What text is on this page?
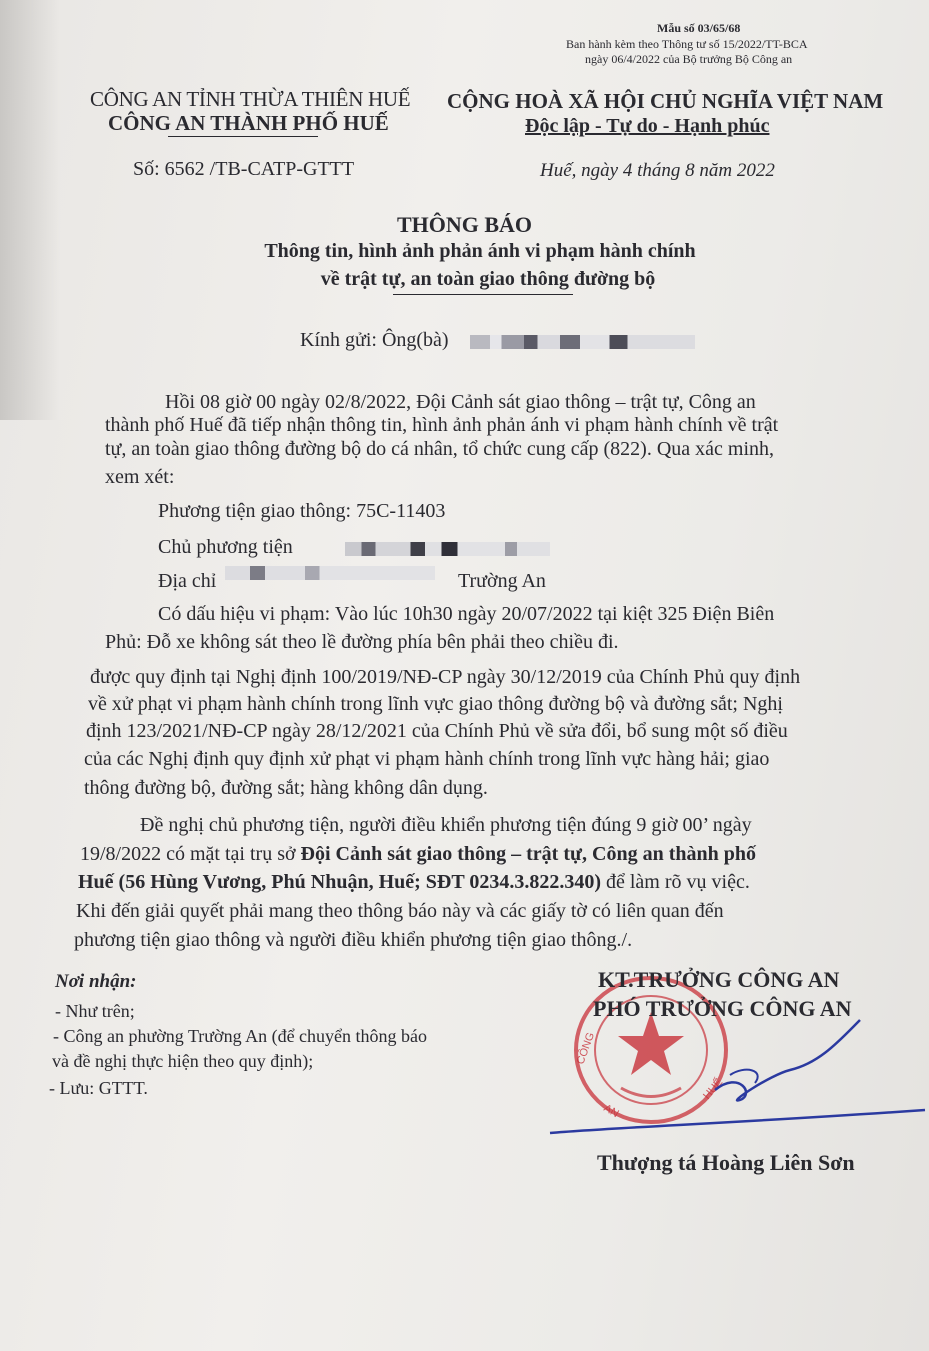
Mẫu số 03/65/68
Ban hành kèm theo Thông tư số 15/2022/TT-BCA
ngày 06/4/2022 của Bộ trưởng Bộ Công an
CÔNG AN TỈNH THỪA THIÊN HUẾ
CÔNG AN THÀNH PHỐ HUẾ
CỘNG HOÀ XÃ HỘI CHỦ NGHĨA VIỆT NAM
Độc lập - Tự do - Hạnh phúc
Số: 6562 /TB-CATP-GTTT	Huế, ngày 4 tháng 8 năm 2022
THÔNG BÁO
Thông tin, hình ảnh phản ánh vi phạm hành chính
về trật tự, an toàn giao thông đường bộ
Kính gửi: Ông(bà)
Hồi 08 giờ 00 ngày 02/8/2022, Đội Cảnh sát giao thông – trật tự, Công an
thành phố Huế đã tiếp nhận thông tin, hình ảnh phản ánh vi phạm hành chính về trật
tự, an toàn giao thông đường bộ do cá nhân, tổ chức cung cấp (822). Qua xác minh,
xem xét:
Phương tiện giao thông: 75C-11403
Chủ phương tiện
Địa chỉ	Trường An
Có dấu hiệu vi phạm: Vào lúc 10h30 ngày 20/07/2022 tại kiệt 325 Điện Biên
Phủ: Đỗ xe không sát theo lề đường phía bên phải theo chiều đi.
được quy định tại Nghị định 100/2019/NĐ-CP ngày 30/12/2019 của Chính Phủ quy định
về xử phạt vi phạm hành chính trong lĩnh vực giao thông đường bộ và đường sắt; Nghị
định 123/2021/NĐ-CP ngày 28/12/2021 của Chính Phủ về sửa đổi, bổ sung một số điều
của các Nghị định quy định xử phạt vi phạm hành chính trong lĩnh vực hàng hải; giao
thông đường bộ, đường sắt; hàng không dân dụng.
Đề nghị chủ phương tiện, người điều khiển phương tiện đúng 9 giờ 00’ ngày
19/8/2022 có mặt tại trụ sở Đội Cảnh sát giao thông – trật tự, Công an thành phố
Huế (56 Hùng Vương, Phú Nhuận, Huế; SĐT 0234.3.822.340) để làm rõ vụ việc.
Khi đến giải quyết phải mang theo thông báo này và các giấy tờ có liên quan đến
phương tiện giao thông và người điều khiển phương tiện giao thông./.
Nơi nhận:
- Như trên;
- Công an phường Trường An (để chuyển thông báo
và đề nghị thực hiện theo quy định);
- Lưu: GTTT.
CÔNG
AN
HUẾ
KT.TRƯỞNG CÔNG AN
PHÓ TRƯỞNG CÔNG AN
Thượng tá Hoàng Liên Sơn
